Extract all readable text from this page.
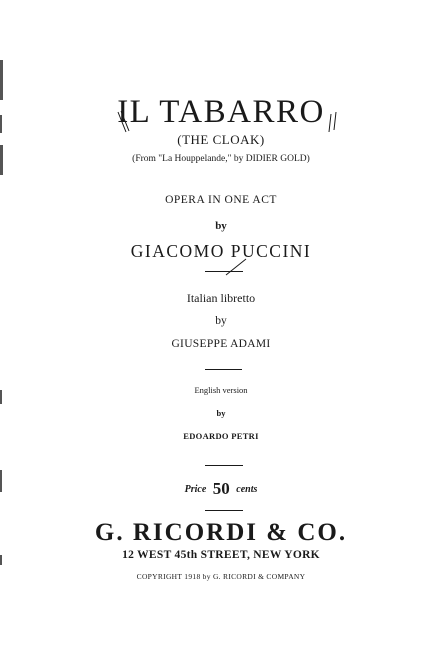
IL TABARRO
(THE CLOAK)
(From "La Houppelande," by DIDIER GOLD)
OPERA IN ONE ACT
by
GIACOMO PUCCINI
Italian libretto
by
GIUSEPPE ADAMI
English version
by
EDOARDO PETRI
Price 50 cents
G. RICORDI & CO.
12 WEST 45th STREET, NEW YORK
COPYRIGHT 1918 by G. RICORDI & COMPANY
